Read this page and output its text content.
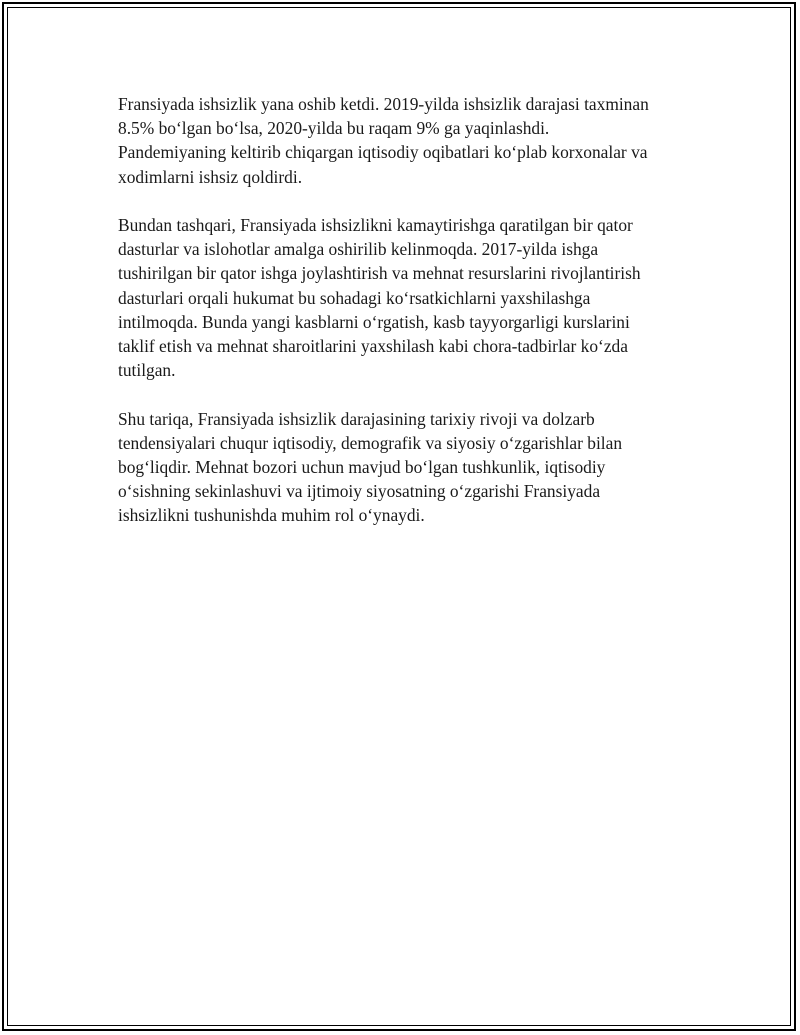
Fransiyada ishsizlik yana oshib ketdi. 2019-yilda ishsizlik darajasi taxminan
8.5% bo‘lgan bo‘lsa, 2020-yilda bu raqam 9% ga yaqinlashdi.
Pandemiyaning keltirib chiqargan iqtisodiy oqibatlari ko‘plab korxonalar va
xodimlarni ishsiz qoldirdi.

Bundan tashqari, Fransiyada ishsizlikni kamaytirishga qaratilgan bir qator
dasturlar va islohotlar amalga oshirilib kelinmoqda. 2017-yilda ishga
tushirilgan bir qator ishga joylashtirish va mehnat resurslarini rivojlantirish
dasturlari orqali hukumat bu sohadagi ko‘rsatkichlarni yaxshilashga
intilmoqda. Bunda yangi kasblarni o‘rgatish, kasb tayyorgarligi kurslarini
taklif etish va mehnat sharoitlarini yaxshilash kabi chora-tadbirlar ko‘zda
tutilgan.

Shu tariqa, Fransiyada ishsizlik darajasining tarixiy rivoji va dolzarb
tendensiyalari chuqur iqtisodiy, demografik va siyosiy o‘zgarishlar bilan
bog‘liqdir. Mehnat bozori uchun mavjud bo‘lgan tushkunlik, iqtisodiy
o‘sishning sekinlashuvi va ijtimoiy siyosatning o‘zgarishi Fransiyada
ishsizlikni tushunishda muhim rol o‘ynaydi.
